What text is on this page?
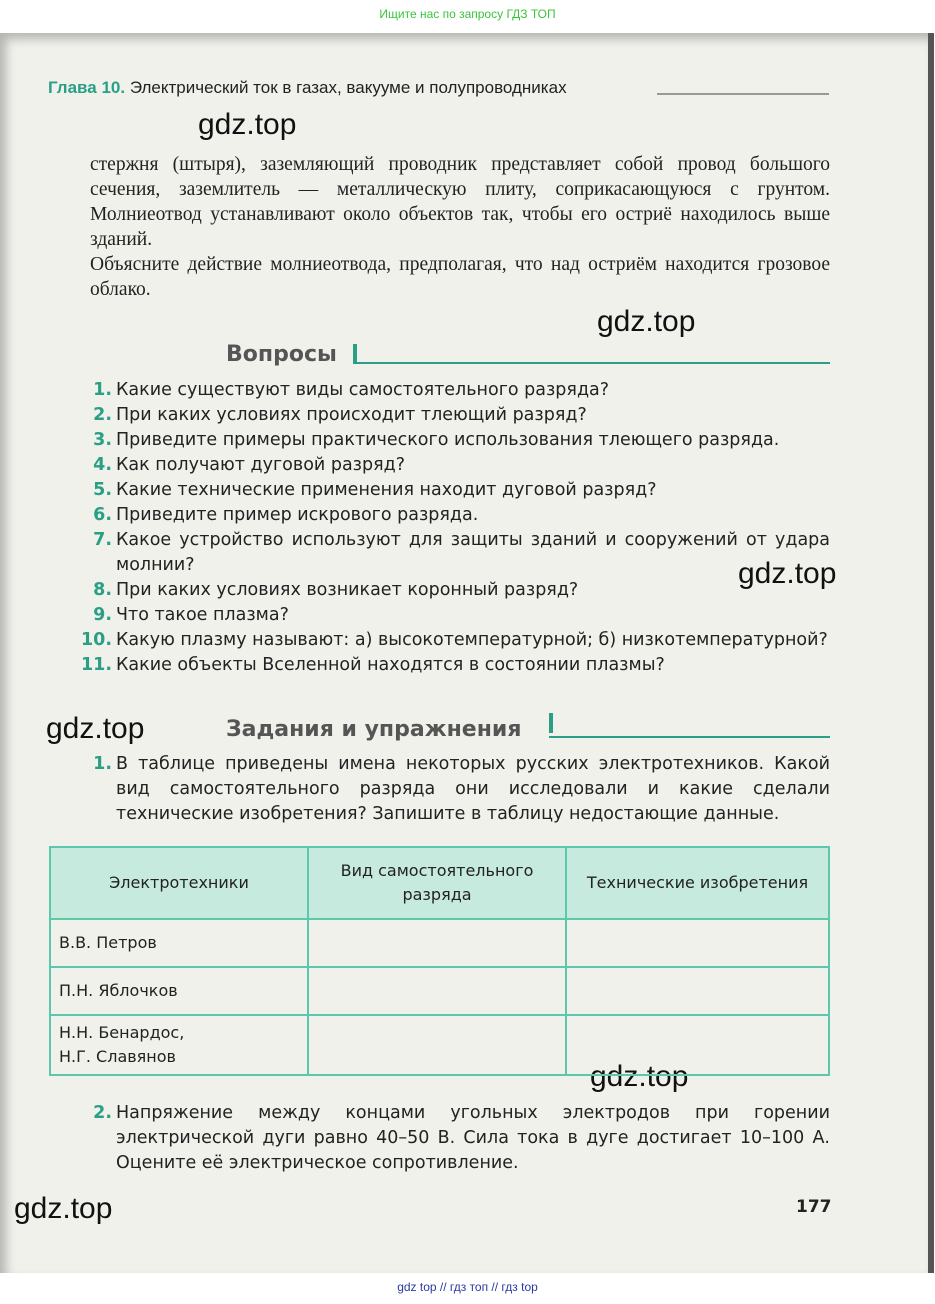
Ищите нас по запросу ГДЗ ТОП
Глава 10. Электрический ток в газах, вакууме и полупроводниках
gdz.top
gdz.top
gdz.top
gdz.top
gdz.top
gdz.top

стержня (штыря), заземляющий проводник представляет собой провод большого сечения, заземлитель — металлическую плиту, соприкасающуюся с грунтом. Молниеотвод устанавливают около объектов так, чтобы его остриё находилось выше зданий.

Объясните действие молниеотвода, предполагая, что над остриём находится грозовое облако.

Вопросы
1. Какие существуют виды самостоятельного разряда?
2. При каких условиях происходит тлеющий разряд?
3. Приведите примеры практического использования тлеющего разряда.
4. Как получают дуговой разряд?
5. Какие технические применения находит дуговой разряд?
6. Приведите пример искрового разряда.
7. Какое устройство используют для защиты зданий и сооружений от удара молнии?
8. При каких условиях возникает коронный разряд?
9. Что такое плазма?
10. Какую плазму называют: а) высокотемпературной; б) низкотемпературной?
11. Какие объекты Вселенной находятся в состоянии плазмы?
Задания и упражнения
1. В таблице приведены имена некоторых русских электротехников. Какой вид самостоятельного разряда они исследовали и какие сделали технические изобретения? Запишите в таблицу недостающие данные.
Электротехники	Вид самостоятельного разряда	Технические изобретения
В.В. Петров		
П.Н. Яблочков		
Н.Н. Бенардос,
Н.Г. Славянов		
2. Напряжение между концами угольных электродов при горении электрической дуги равно 40–50 В. Сила тока в дуге достигает 10–100 А. Оцените её электрическое сопротивление.
177
gdz top // гдз топ // гдз top
